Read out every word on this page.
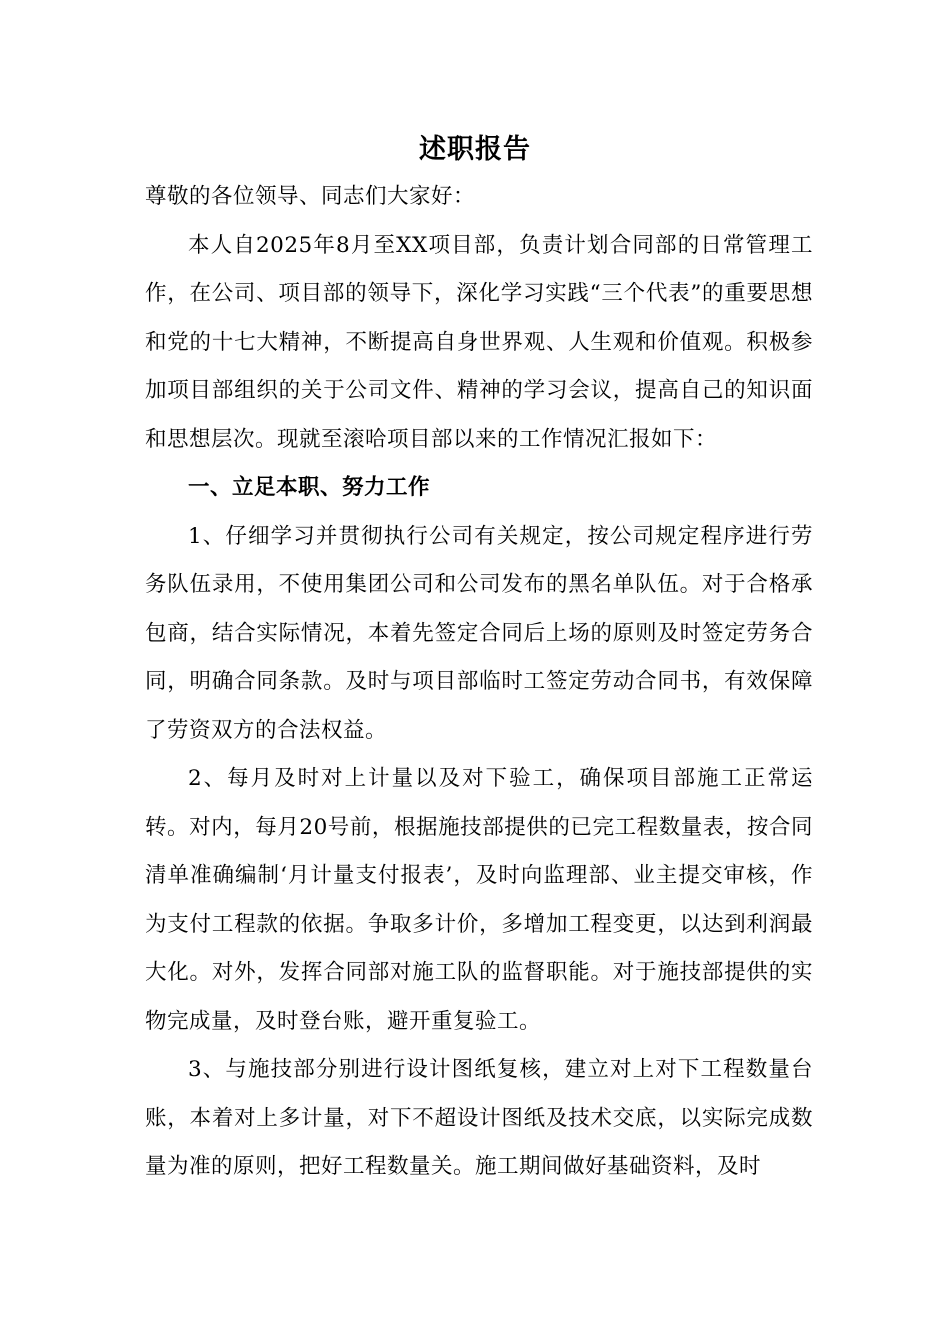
述职报告

尊敬的各位领导、同志们大家好：

本人自2025年8月至XX项目部，负责计划合同部的日常管理工作，在公司、项目部的领导下，深化学习实践“三个代表”的重要思想和党的十七大精神，不断提高自身世界观、人生观和价值观。积极参加项目部组织的关于公司文件、精神的学习会议，提高自己的知识面和思想层次。现就至滚哈项目部以来的工作情况汇报如下：

一、立足本职、努力工作

1、仔细学习并贯彻执行公司有关规定，按公司规定程序进行劳务队伍录用，不使用集团公司和公司发布的黑名单队伍。对于合格承包商，结合实际情况，本着先签定合同后上场的原则及时签定劳务合同，明确合同条款。及时与项目部临时工签定劳动合同书，有效保障了劳资双方的合法权益。

2、每月及时对上计量以及对下验工，确保项目部施工正常运转。对内，每月20号前，根据施技部提供的已完工程数量表，按合同清单准确编制‘月计量支付报表’，及时向监理部、业主提交审核，作为支付工程款的依据。争取多计价，多增加工程变更，以达到利润最大化。对外，发挥合同部对施工队的监督职能。对于施技部提供的实物完成量，及时登台账，避开重复验工。

3、与施技部分别进行设计图纸复核，建立对上对下工程数量台账，本着对上多计量，对下不超设计图纸及技术交底，以实际完成数量为准的原则，把好工程数量关。施工期间做好基础资料，及时
